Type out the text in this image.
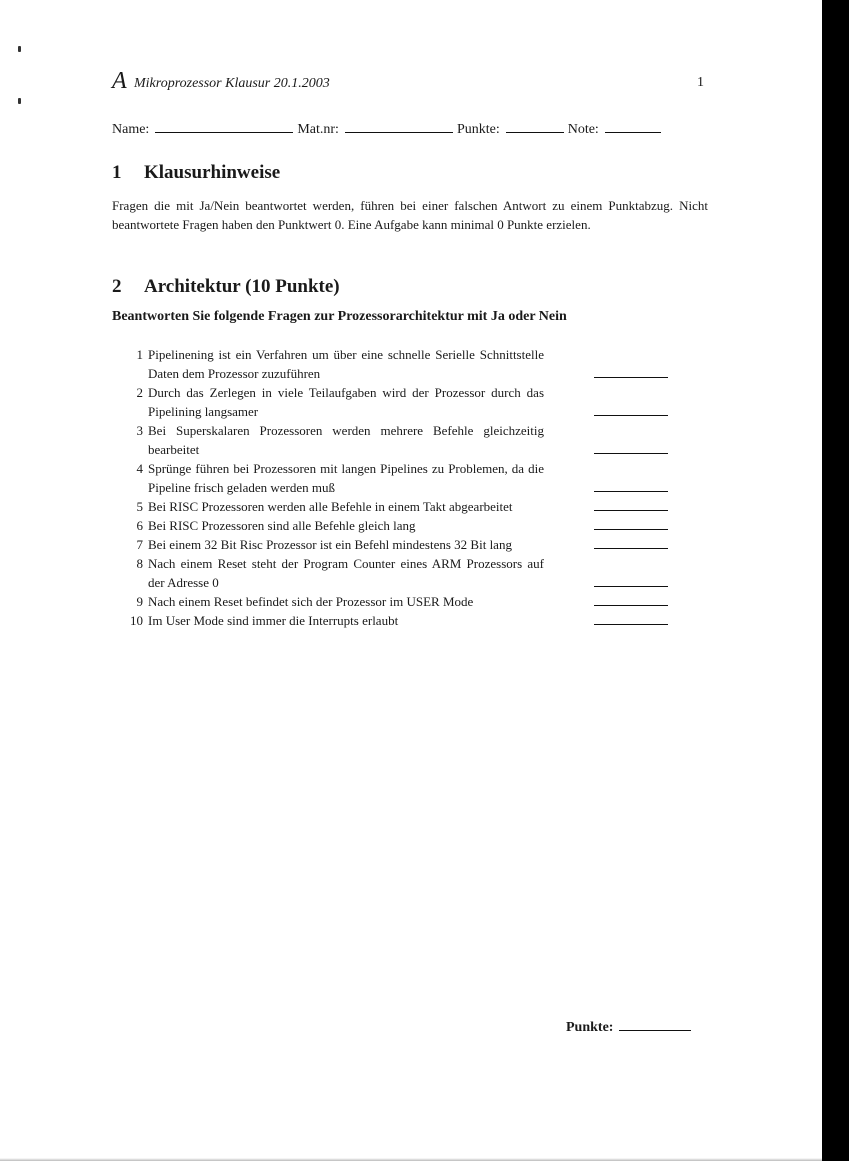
A Mikroprozessor Klausur 20.1.2003	1
Name:	Mat.nr:	Punkte:	Note:
1	Klausurhinweise
Fragen die mit Ja/Nein beantwortet werden, führen bei einer falschen Antwort zu einem Punktabzug. Nicht beantwortete Fragen haben den Punktwert 0. Eine Aufgabe kann minimal 0 Punkte erzielen.
2	Architektur (10 Punkte)
Beantworten Sie folgende Fragen zur Prozessorarchitektur mit Ja oder Nein
1 Pipelinening ist ein Verfahren um über eine schnelle Serielle Schnittstelle Daten dem Prozessor zuzuführen
2 Durch das Zerlegen in viele Teilaufgaben wird der Prozessor durch das Pipelining langsamer
3 Bei Superskalaren Prozessoren werden mehrere Befehle gleichzeitig bearbeitet
4 Sprünge führen bei Prozessoren mit langen Pipelines zu Problemen, da die Pipeline frisch geladen werden muß
5 Bei RISC Prozessoren werden alle Befehle in einem Takt abgearbeitet
6 Bei RISC Prozessoren sind alle Befehle gleich lang
7 Bei einem 32 Bit Risc Prozessor ist ein Befehl mindestens 32 Bit lang
8 Nach einem Reset steht der Program Counter eines ARM Prozessors auf der Adresse 0
9 Nach einem Reset befindet sich der Prozessor im USER Mode
10 Im User Mode sind immer die Interrupts erlaubt
Punkte:
